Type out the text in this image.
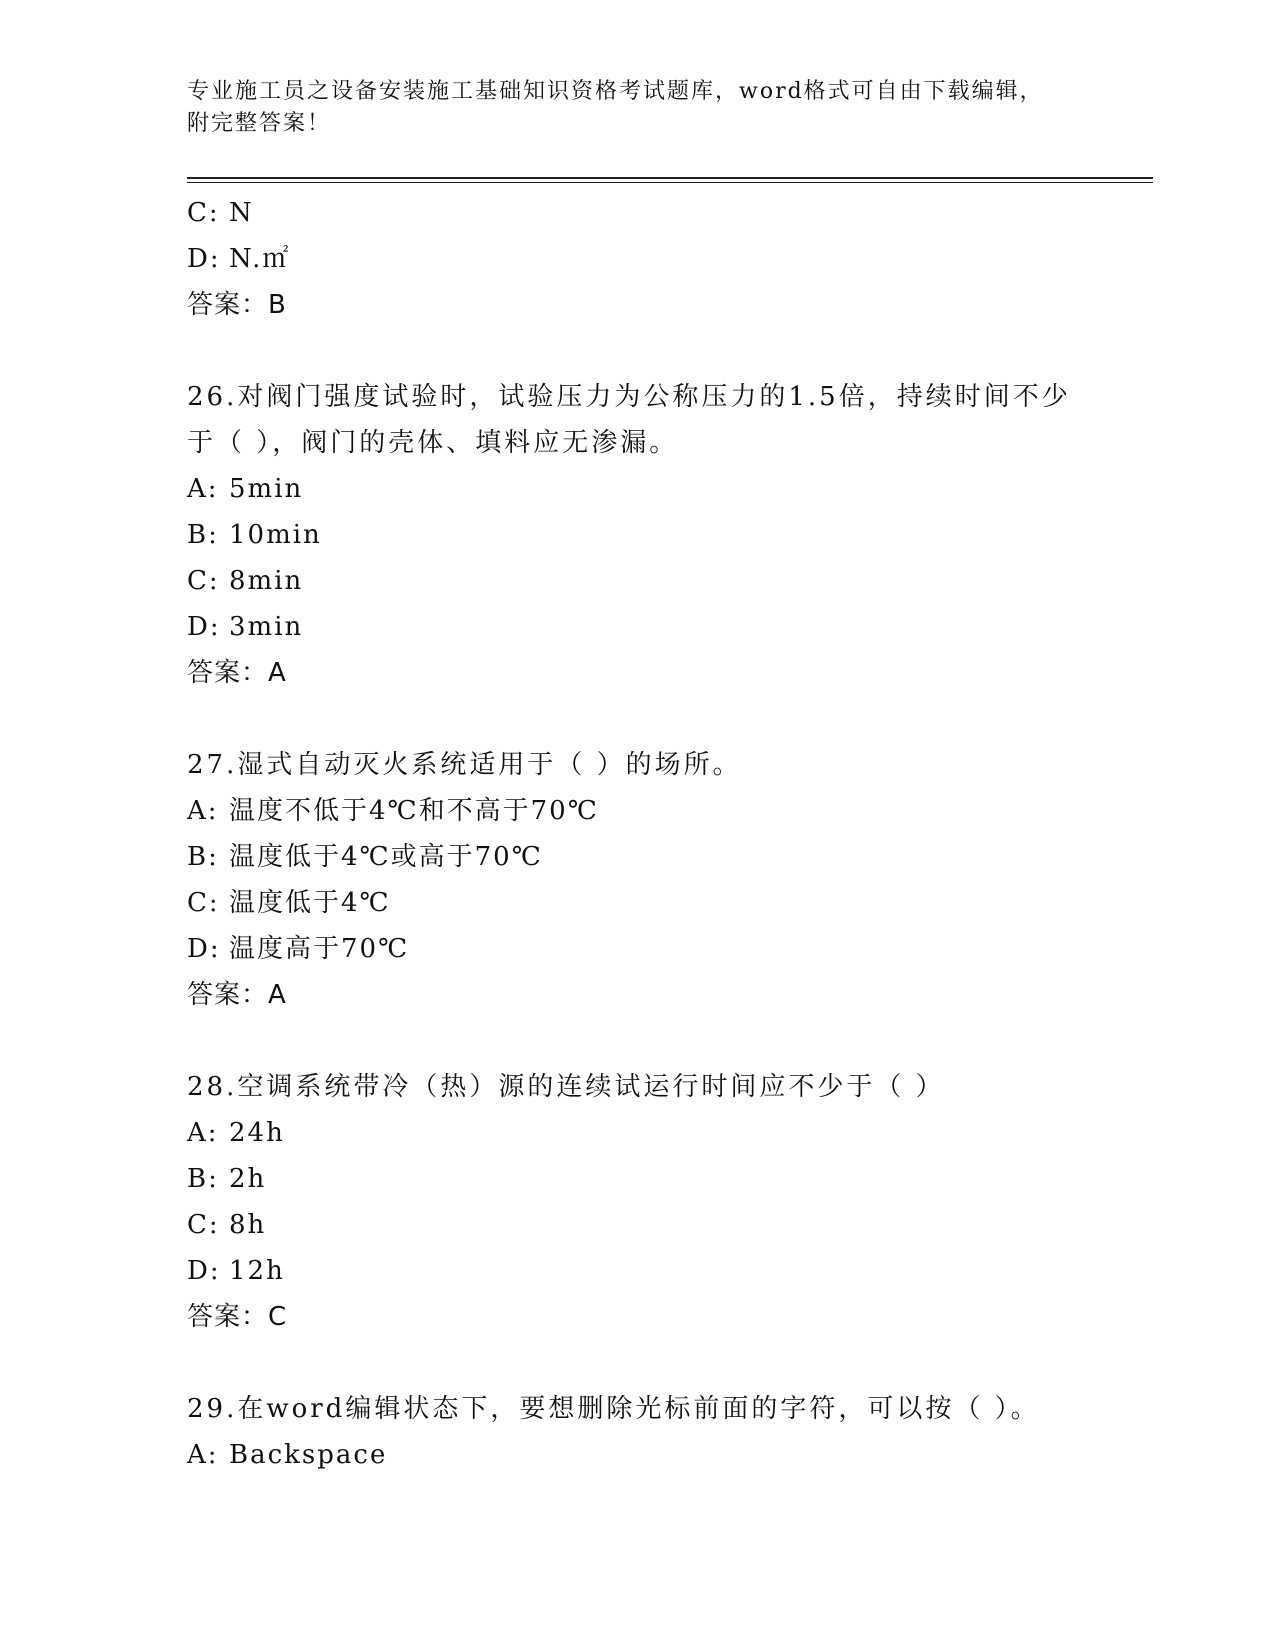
专业施工员之设备安装施工基础知识资格考试题库，word格式可自由下载编辑，
附完整答案！
C: N
D: N.㎡
答案：B
26.对阀门强度试验时，试验压力为公称压力的1.5倍，持续时间不少
于（ ），阀门的壳体、填料应无渗漏。
A: 5min
B: 10min
C: 8min
D: 3min
答案：A
27.湿式自动灭火系统适用于（ ）的场所。
A: 温度不低于4℃和不高于70℃
B: 温度低于4℃或高于70℃
C: 温度低于4℃
D: 温度高于70℃
答案：A
28.空调系统带冷（热）源的连续试运行时间应不少于（ ）
A: 24h
B: 2h
C: 8h
D: 12h
答案：C
29.在word编辑状态下，要想删除光标前面的字符，可以按（ ）。
A: Backspace
